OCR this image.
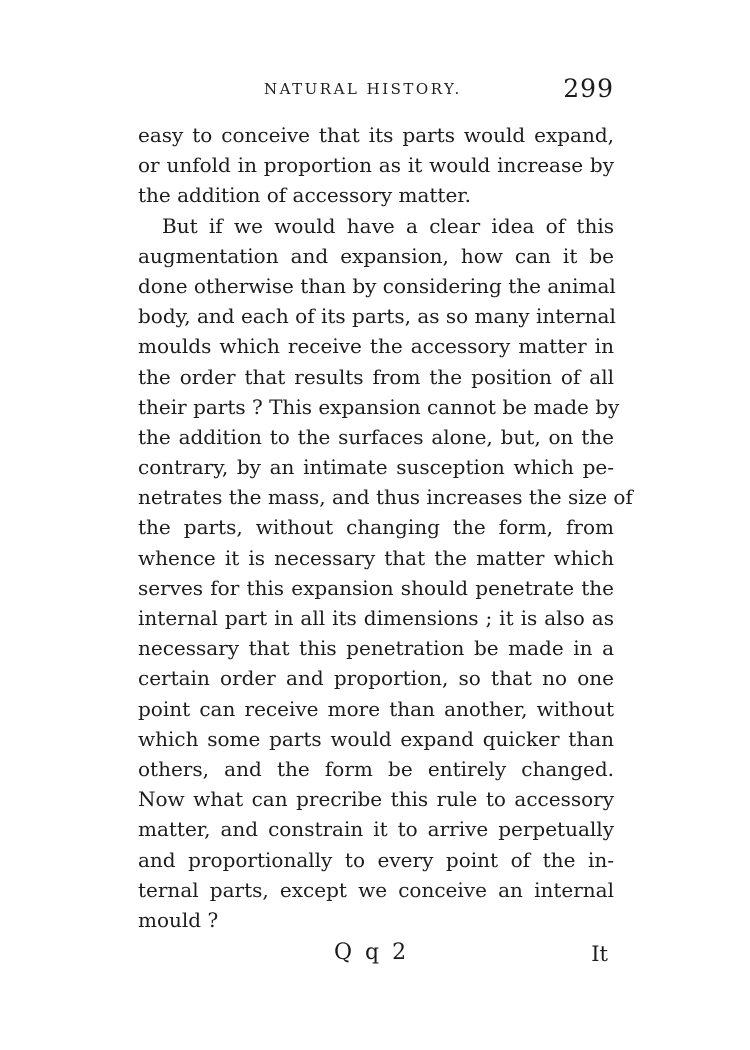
NATURAL HISTORY.	299
easy to conceive that its parts would expand,
or unfold in proportion as it would increase by
the addition of accessory matter.
But if we would have a clear idea of this
augmentation and expansion, how can it be
done otherwise than by considering the animal
body, and each of its parts, as so many internal
moulds which receive the accessory matter in
the order that results from the position of all
their parts ? This expansion cannot be made by
the addition to the surfaces alone, but, on the
contrary, by an intimate susception which pe-
netrates the mass, and thus increases the size of
the parts, without changing the form, from
whence it is necessary that the matter which
serves for this expansion should penetrate the
internal part in all its dimensions ; it is also as
necessary that this penetration be made in a
certain order and proportion, so that no one
point can receive more than another, without
which some parts would expand quicker than
others, and the form be entirely changed.
Now what can precribe this rule to accessory
matter, and constrain it to arrive perpetually
and proportionally to every point of the in-
ternal parts, except we conceive an internal
mould ?
Q q 2	It
